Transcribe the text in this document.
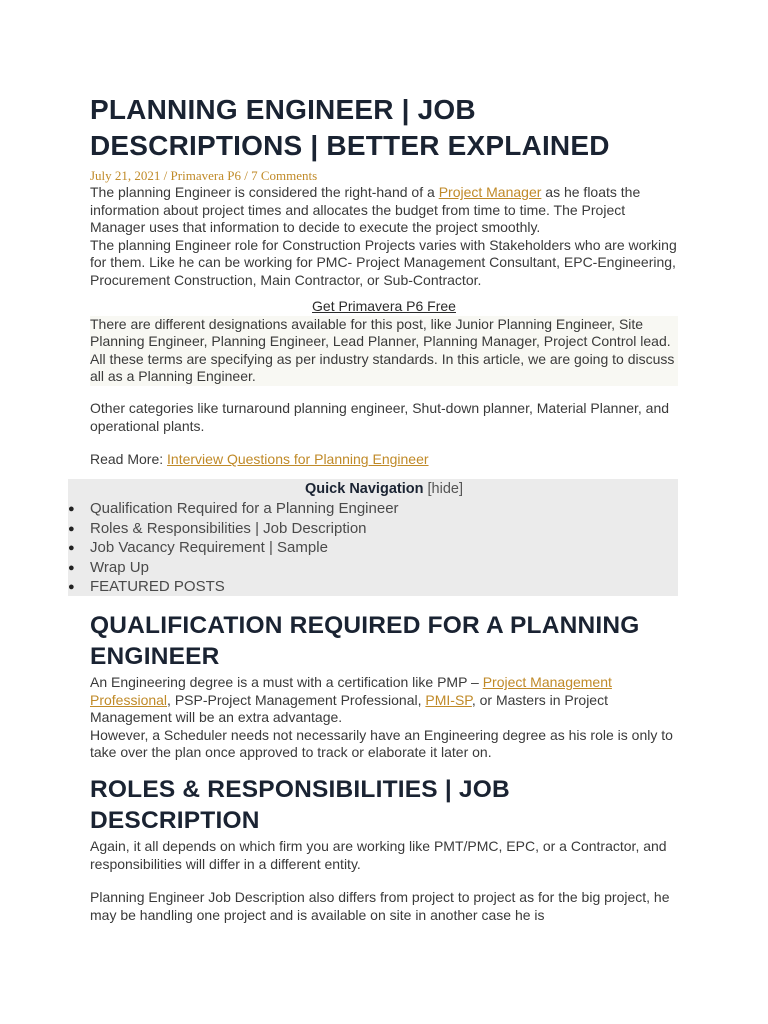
PLANNING ENGINEER | JOB DESCRIPTIONS | BETTER EXPLAINED
July 21, 2021 / Primavera P6 / 7 Comments

The planning Engineer is considered the right-hand of a Project Manager as he floats the information about project times and allocates the budget from time to time. The Project Manager uses that information to decide to execute the project smoothly.

The planning Engineer role for Construction Projects varies with Stakeholders who are working for them. Like he can be working for PMC- Project Management Consultant, EPC-Engineering, Procurement Construction, Main Contractor, or Sub-Contractor.

Get Primavera P6 Free

There are different designations available for this post, like Junior Planning Engineer, Site Planning Engineer, Planning Engineer, Lead Planner, Planning Manager, Project Control lead. All these terms are specifying as per industry standards. In this article, we are going to discuss all as a Planning Engineer.

Other categories like turnaround planning engineer, Shut-down planner, Material Planner, and operational plants.

Read More: Interview Questions for Planning Engineer

Quick Navigation [hide]
● Qualification Required for a Planning Engineer
● Roles & Responsibilities | Job Description
● Job Vacancy Requirement | Sample
● Wrap Up
● FEATURED POSTS
QUALIFICATION REQUIRED FOR A PLANNING ENGINEER

An Engineering degree is a must with a certification like PMP – Project Management Professional, PSP-Project Management Professional, PMI-SP, or Masters in Project Management will be an extra advantage.

However, a Scheduler needs not necessarily have an Engineering degree as his role is only to take over the plan once approved to track or elaborate it later on.

ROLES & RESPONSIBILITIES | JOB DESCRIPTION

Again, it all depends on which firm you are working like PMT/PMC, EPC, or a Contractor, and responsibilities will differ in a different entity.

Planning Engineer Job Description also differs from project to project as for the big project, he may be handling one project and is available on site in another case he is
